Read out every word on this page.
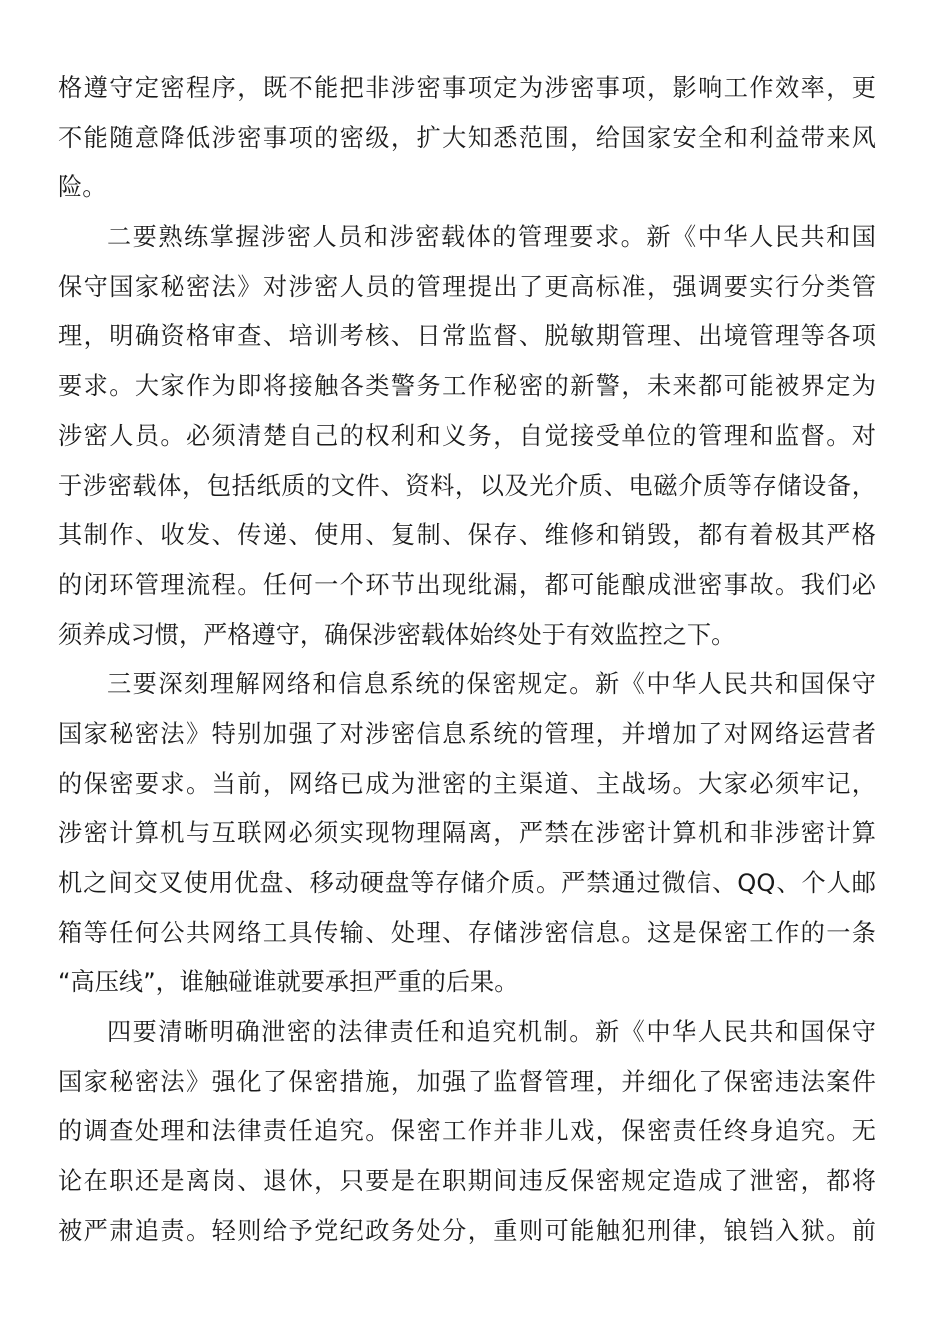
格遵守定密程序，既不能把非涉密事项定为涉密事项，影响工作效率，更
不能随意降低涉密事项的密级，扩大知悉范围，给国家安全和利益带来风
险。
二要熟练掌握涉密人员和涉密载体的管理要求。新《中华人民共和国
保守国家秘密法》对涉密人员的管理提出了更高标准，强调要实行分类管
理，明确资格审查、培训考核、日常监督、脱敏期管理、出境管理等各项
要求。大家作为即将接触各类警务工作秘密的新警，未来都可能被界定为
涉密人员。必须清楚自己的权利和义务，自觉接受单位的管理和监督。对
于涉密载体，包括纸质的文件、资料，以及光介质、电磁介质等存储设备，
其制作、收发、传递、使用、复制、保存、维修和销毁，都有着极其严格
的闭环管理流程。任何一个环节出现纰漏，都可能酿成泄密事故。我们必
须养成习惯，严格遵守，确保涉密载体始终处于有效监控之下。
三要深刻理解网络和信息系统的保密规定。新《中华人民共和国保守
国家秘密法》特别加强了对涉密信息系统的管理，并增加了对网络运营者
的保密要求。当前，网络已成为泄密的主渠道、主战场。大家必须牢记，
涉密计算机与互联网必须实现物理隔离，严禁在涉密计算机和非涉密计算
机之间交叉使用优盘、移动硬盘等存储介质。严禁通过微信、QQ、个人邮
箱等任何公共网络工具传输、处理、存储涉密信息。这是保密工作的一条
“高压线”，谁触碰谁就要承担严重的后果。
四要清晰明确泄密的法律责任和追究机制。新《中华人民共和国保守
国家秘密法》强化了保密措施，加强了监督管理，并细化了保密违法案件
的调查处理和法律责任追究。保密工作并非儿戏，保密责任终身追究。无
论在职还是离岗、退休，只要是在职期间违反保密规定造成了泄密，都将
被严肃追责。轻则给予党纪政务处分，重则可能触犯刑律，锒铛入狱。前
